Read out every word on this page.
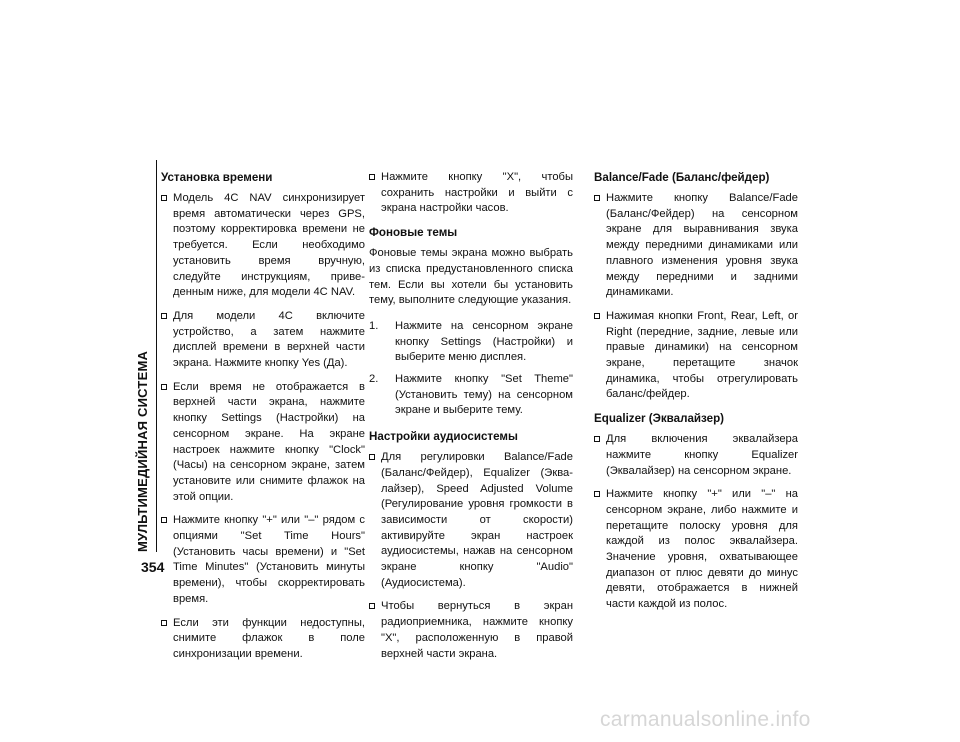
МУЛЬТИМЕДИЙНАЯ СИСТЕМА
354
Установка времени
Модель 4C NAV синхронизирует время автоматически через GPS, поэтому корректировка времени не требуется. Если необходимо установить время вручную, следуйте инструкциям, приведенным ниже, для модели 4C NAV.
Для модели 4C включите устройство, а затем нажмите дисплей времени в верхней части экрана. Нажмите кнопку Yes (Да).
Если время не отображается в верхней части экрана, нажмите кнопку Settings (Настройки) на сенсорном экране. На экране настроек нажмите кнопку "Clock" (Часы) на сенсорном экране, затем установите или снимите флажок на этой опции.
Нажмите кнопку "+" или "–" рядом с опциями "Set Time Hours" (Установить часы времени) и "Set Time Minutes" (Установить минуты времени), чтобы скорректировать время.
Если эти функции недоступны, снимите флажок в поле синхронизации времени.
Нажмите кнопку "X", чтобы сохранить настройки и выйти с экрана настройки часов.
Фоновые темы

Фоновые темы экрана можно выбрать из списка предустановленного списка тем. Если вы хотели бы установить тему, выполните следующие указания.

1. Нажмите на сенсорном экране кнопку Settings (Настройки) и выберите меню дисплея.
2. Нажмите кнопку "Set Theme" (Установить тему) на сенсорном экране и выберите тему.
Настройки аудиосистемы
Для регулировки Balance/Fade (Баланс/Фейдер), Equalizer (Эквалайзер), Speed Adjusted Volume (Регулирование уровня громкости в зависимости от скорости) активируйте экран настроек аудиосистемы, нажав на сенсорном экране кнопку "Audio" (Аудиосистема).
Чтобы вернуться в экран радиоприемника, нажмите кнопку "X", расположенную в правой верхней части экрана.
Balance/Fade (Баланс/фейдер)
Нажмите кнопку Balance/Fade (Баланс/Фейдер) на сенсорном экране для выравнивания звука между передними динамиками или плавного изменения уровня звука между передними и задними динамиками.
Нажимая кнопки Front, Rear, Left, or Right (передние, задние, левые или правые динамики) на сенсорном экране, перетащите значок динамика, чтобы отрегулировать баланс/фейдер.
Equalizer (Эквалайзер)
Для включения эквалайзера нажмите кнопку Equalizer (Эквалайзер) на сенсорном экране.
Нажмите кнопку "+" или "–" на сенсорном экране, либо нажмите и перетащите полоску уровня для каждой из полос эквалайзера. Значение уровня, охватывающее диапазон от плюс девяти до минус девяти, отображается в нижней части каждой из полос.
carmanualsonline.info
